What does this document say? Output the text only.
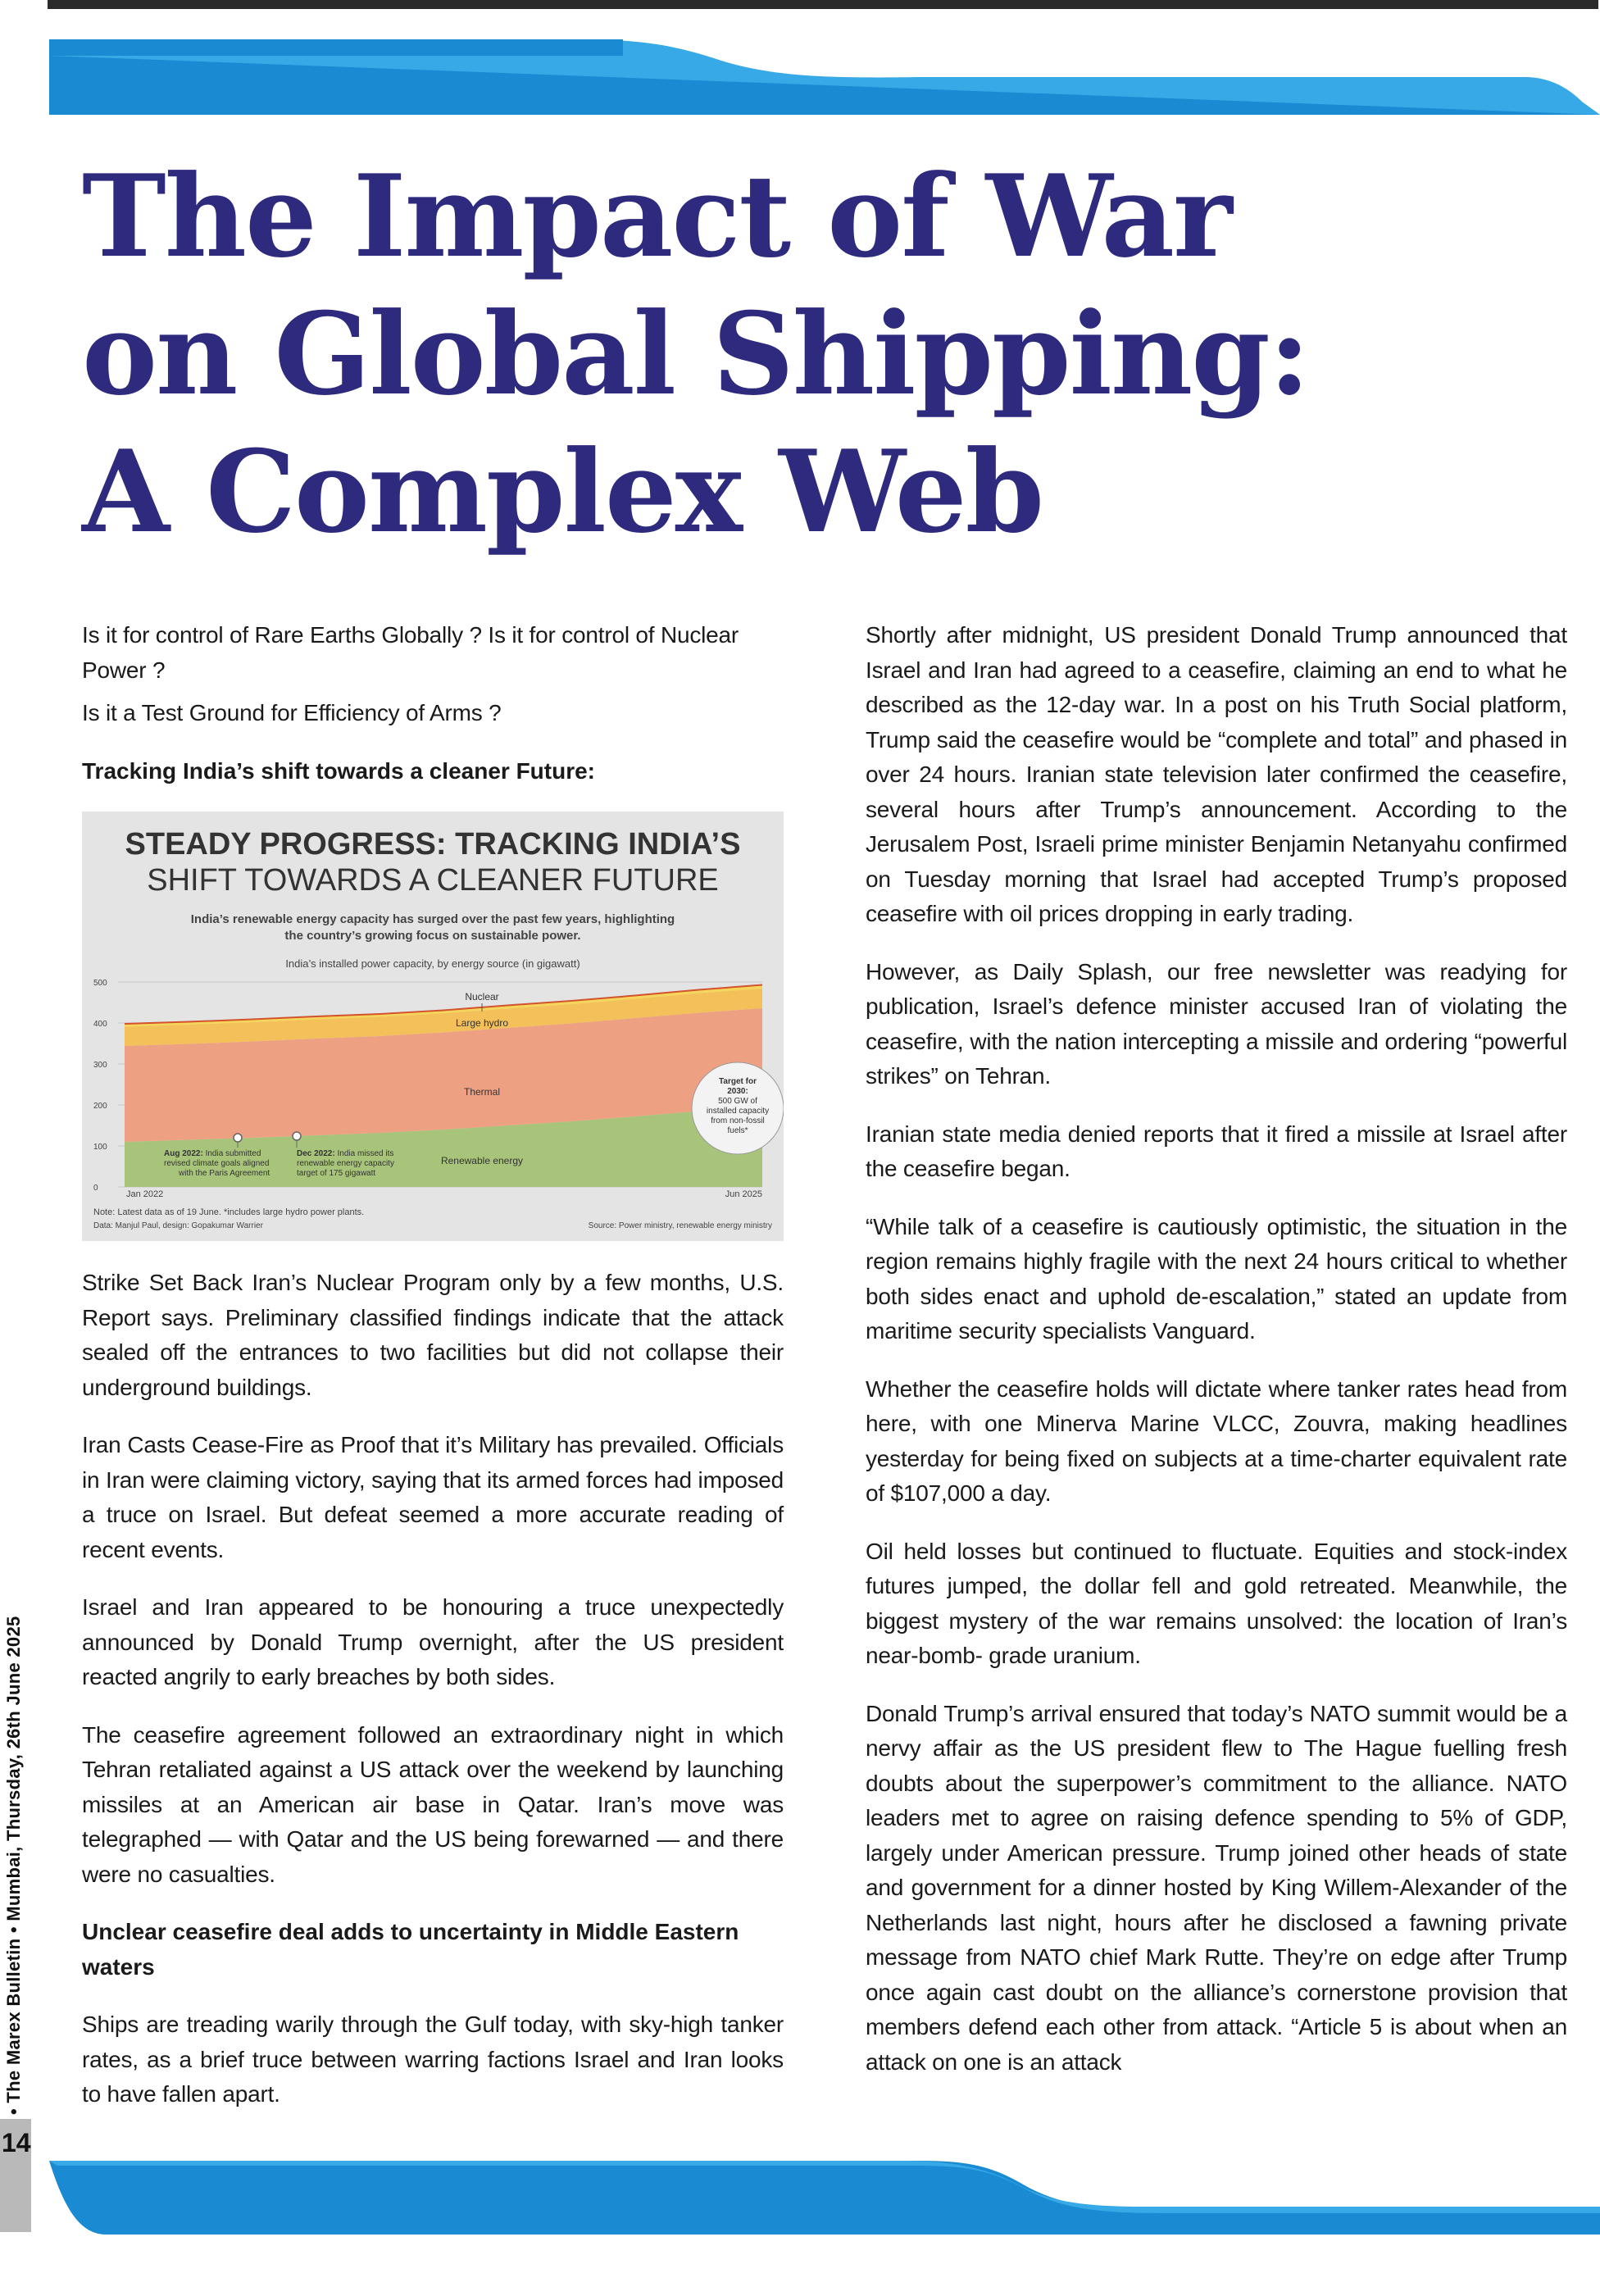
The Impact of War
on Global Shipping:
A Complex Web

Is it for control of Rare Earths Globally ? Is it for control of Nuclear Power ?

Is it a Test Ground for Efficiency of Arms ?

Tracking India’s shift towards a cleaner Future:

STEADY PROGRESS: TRACKING INDIA’S
SHIFT TOWARDS A CLEANER FUTURE
India’s renewable energy capacity has surged over the past few years, highlighting
the country’s growing focus on sustainable power.
India’s installed power capacity, by energy source (in gigawatt)
0
100
200
300
400
500
Nuclear
Large hydro
Thermal
Renewable energy
Aug 2022: India submitted
revised climate goals aligned
with the Paris Agreement
Dec 2022: India missed its
renewable energy capacity
target of 175 gigawatt
Target for
2030:
500 GW of
installed capacity
from non-fossil
fuels*
Jan 2022	Jun 2025
Note: Latest data as of 19 June. *includes large hydro power plants.
Data: Manjul Paul, design: Gopakumar Warrier	Source: Power ministry, renewable energy ministry

Strike Set Back Iran’s Nuclear Program only by a few months, U.S. Report says. Preliminary classified findings indicate that the attack sealed off the entrances to two facilities but did not collapse their underground buildings.

Iran Casts Cease-Fire as Proof that it’s Military has prevailed. Officials in Iran were claiming victory, saying that its armed forces had imposed a truce on Israel. But defeat seemed a more accurate reading of recent events.

Israel and Iran appeared to be honouring a truce unexpectedly announced by Donald Trump overnight, after the US president reacted angrily to early breaches by both sides.

The ceasefire agreement followed an extraordinary night in which Tehran retaliated against a US attack over the weekend by launching missiles at an American air base in Qatar. Iran’s move was telegraphed — with Qatar and the US being forewarned — and there were no casualties.

Unclear ceasefire deal adds to uncertainty in Middle Eastern waters

Ships are treading warily through the Gulf today, with sky-high tanker rates, as a brief truce between warring factions Israel and Iran looks to have fallen apart.

Shortly after midnight, US president Donald Trump announced that Israel and Iran had agreed to a ceasefire, claiming an end to what he described as the 12-day war. In a post on his Truth Social platform, Trump said the ceasefire would be “complete and total” and phased in over 24 hours. Iranian state television later confirmed the ceasefire, several hours after Trump’s announcement. According to the Jerusalem Post, Israeli prime minister Benjamin Netanyahu confirmed on Tuesday morning that Israel had accepted Trump’s proposed ceasefire with oil prices dropping in early trading.

However, as Daily Splash, our free newsletter was readying for publication, Israel’s defence minister accused Iran of violating the ceasefire, with the nation intercepting a missile and ordering “powerful strikes” on Tehran.

Iranian state media denied reports that it fired a missile at Israel after the ceasefire began.

“While talk of a ceasefire is cautiously optimistic, the situation in the region remains highly fragile with the next 24 hours critical to whether both sides enact and uphold de-escalation,” stated an update from maritime security specialists Vanguard.

Whether the ceasefire holds will dictate where tanker rates head from here, with one Minerva Marine VLCC, Zouvra, making headlines yesterday for being fixed on subjects at a time-charter equivalent rate of $107,000 a day.

Oil held losses but continued to fluctuate. Equities and stock-index futures jumped, the dollar fell and gold retreated. Meanwhile, the biggest mystery of the war remains unsolved: the location of Iran’s near-bomb- grade uranium.

Donald Trump’s arrival ensured that today’s NATO summit would be a nervy affair as the US president flew to The Hague fuelling fresh doubts about the superpower’s commitment to the alliance. NATO leaders met to agree on raising defence spending to 5% of GDP, largely under American pressure. Trump joined other heads of state and government for a dinner hosted by King Willem-Alexander of the Netherlands last night, hours after he disclosed a fawning private message from NATO chief Mark Rutte. They’re on edge after Trump once again cast doubt on the alliance’s cornerstone provision that members defend each other from attack. “Article 5 is about when an attack on one is an attack

• The Marex Bulletin • Mumbai, Thursday, 26th June 2025
14
